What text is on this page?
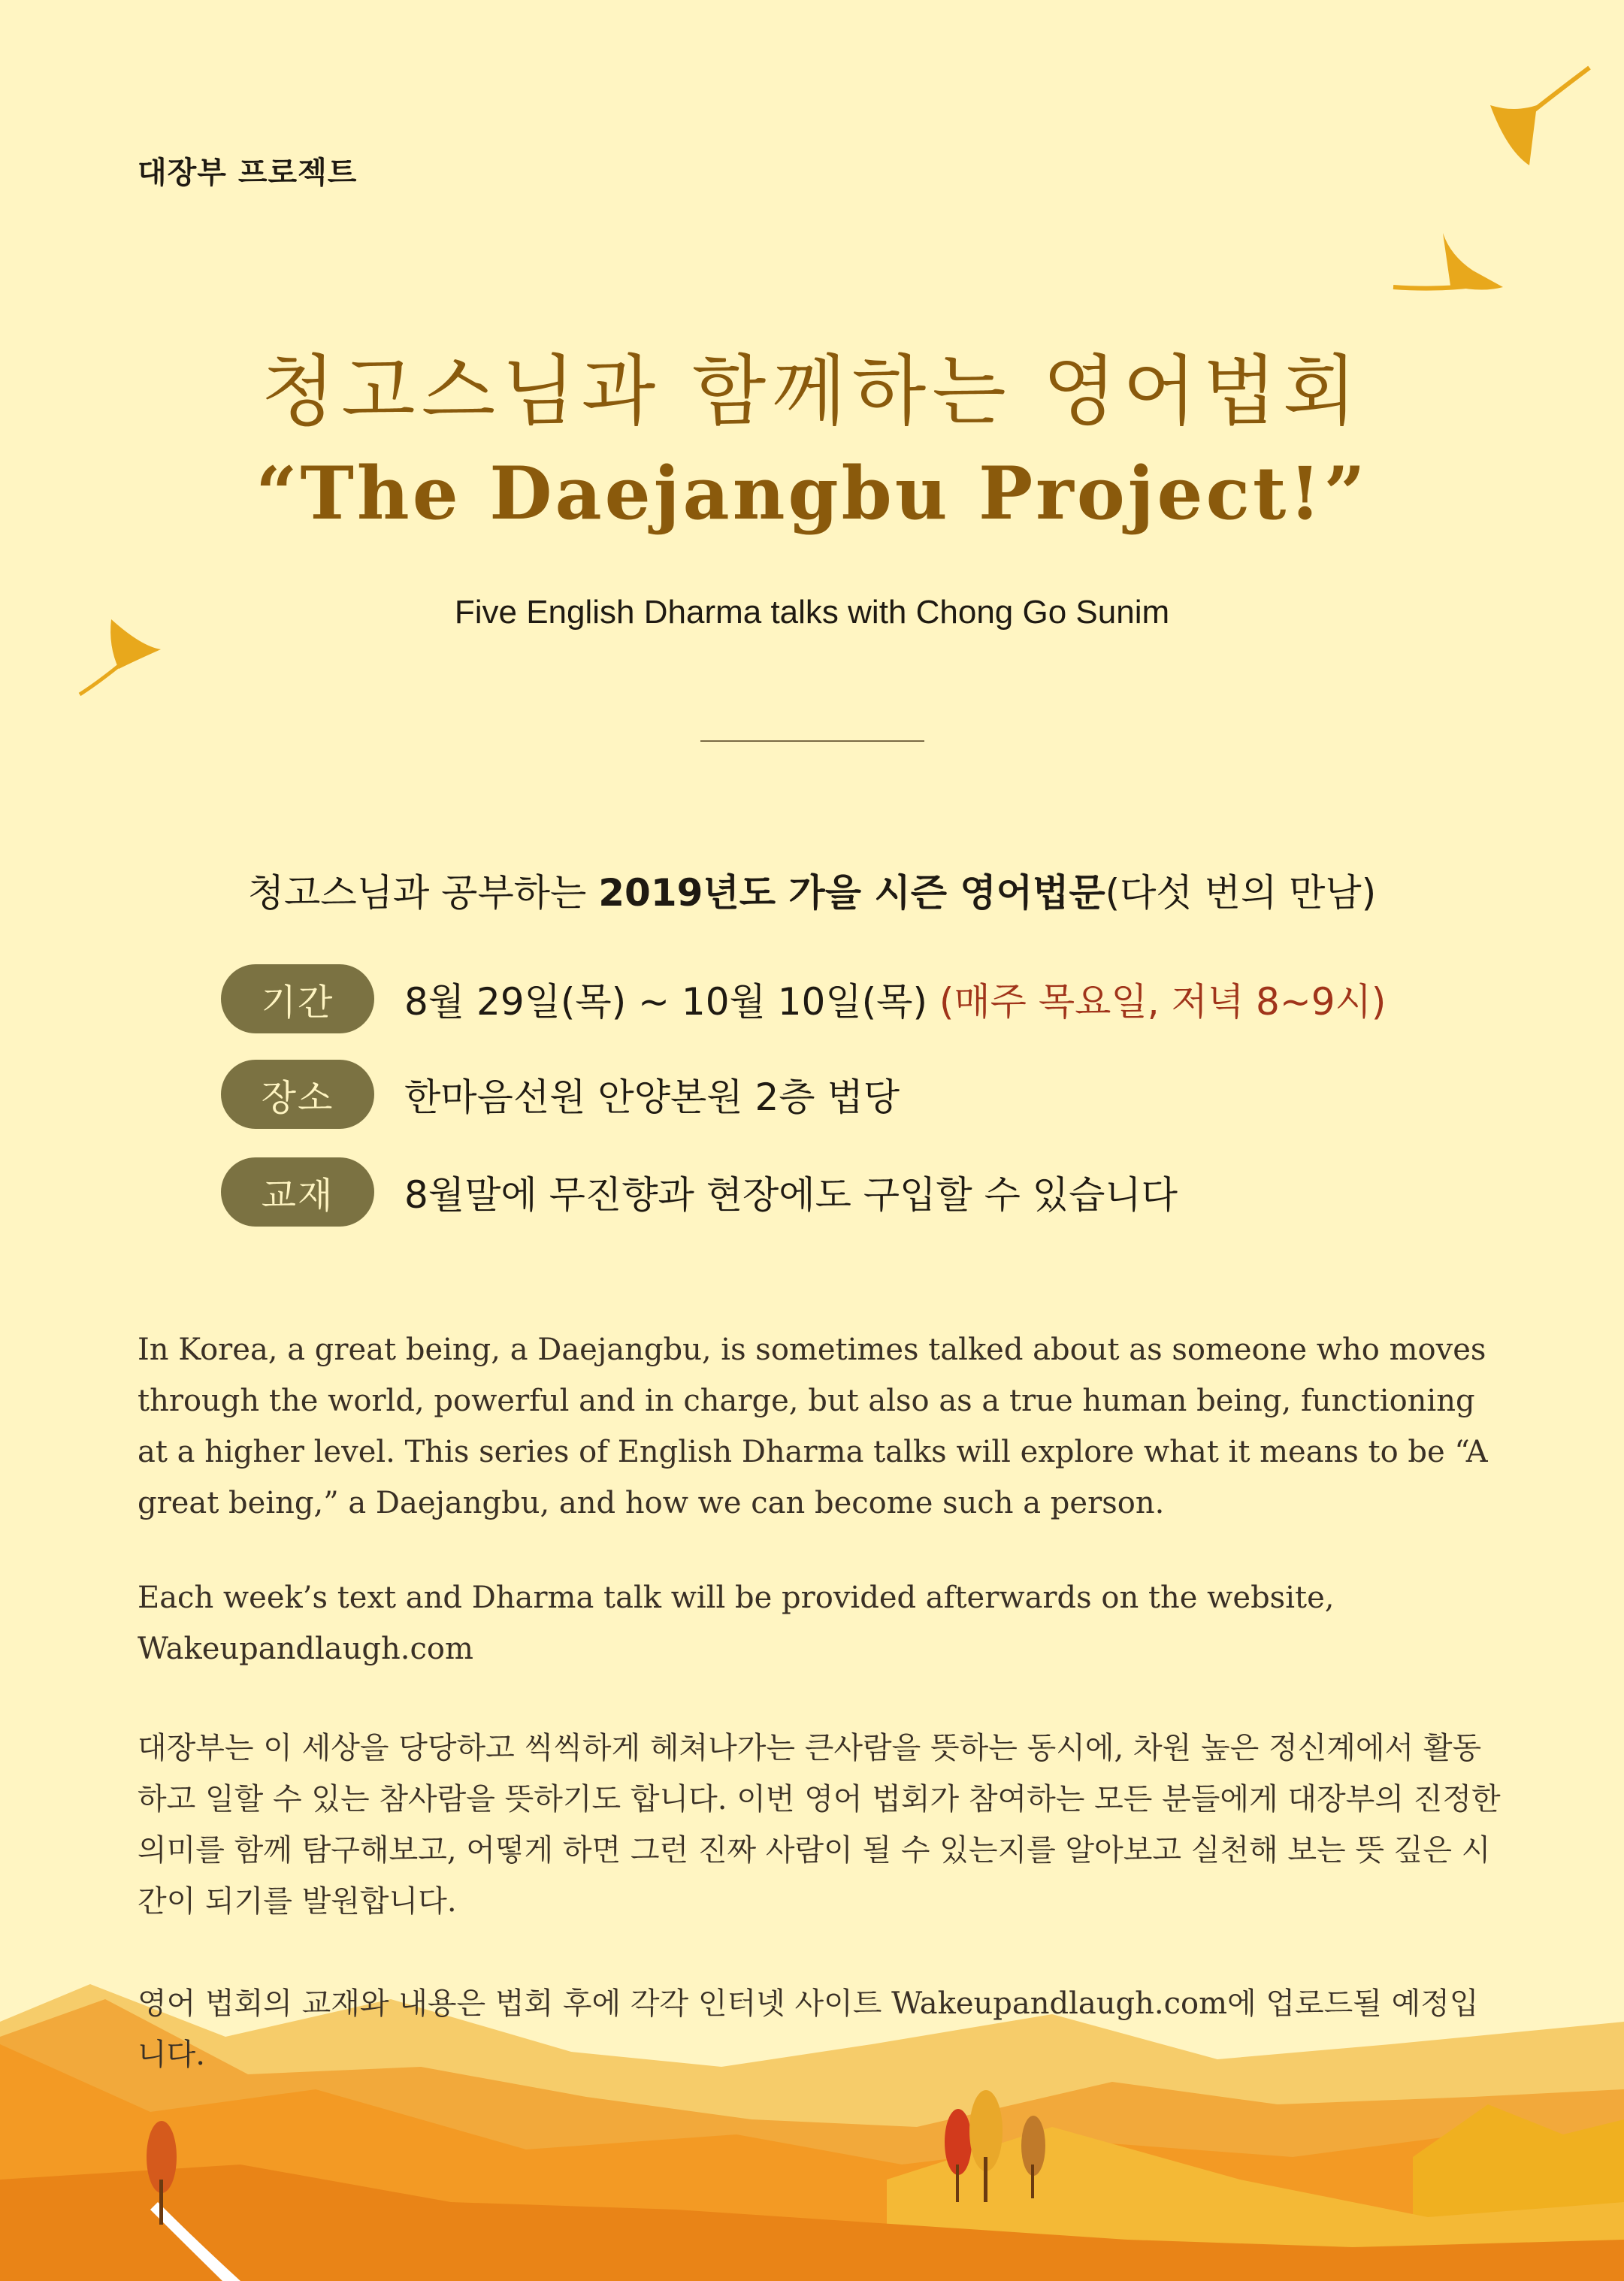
대장부 프로젝트
청고스님과 함께하는 영어법회
“The Daejangbu Project!”
Five English Dharma talks with Chong Go Sunim
청고스님과 공부하는 2019년도 가을 시즌 영어법문(다섯 번의 만남)
기간	8월 29일(목) ~ 10월 10일(목) (매주 목요일, 저녁 8~9시)
장소	한마음선원 안양본원 2층 법당
교재	8월말에 무진향과 현장에도 구입할 수 있습니다
In Korea, a great being, a Daejangbu, is sometimes talked about as someone who moves through the world, powerful and in charge, but also as a true human being, functioning at a higher level. This series of English Dharma talks will explore what it means to be “A great being,” a Daejangbu, and how we can become such a person.
Each week’s text and Dharma talk will be provided afterwards on the website, Wakeupandlaugh.com
대장부는 이 세상을 당당하고 씩씩하게 헤쳐나가는 큰사람을 뜻하는 동시에, 차원 높은 정신계에서 활동하고 일할 수 있는 참사람을 뜻하기도 합니다. 이번 영어 법회가 참여하는 모든 분들에게 대장부의 진정한 의미를 함께 탐구해보고, 어떻게 하면 그런 진짜 사람이 될 수 있는지를 알아보고 실천해 보는 뜻 깊은 시간이 되기를 발원합니다.
영어 법회의 교재와 내용은 법회 후에 각각 인터넷 사이트 Wakeupandlaugh.com에 업로드될 예정입니다.
